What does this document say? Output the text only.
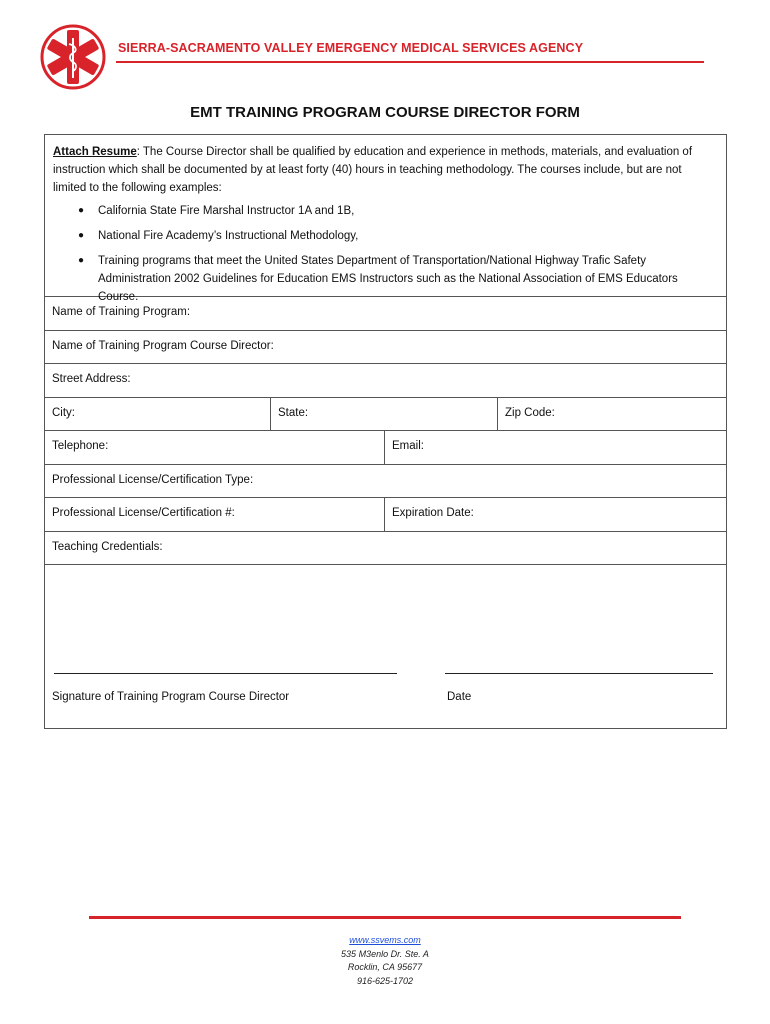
SIERRA-SACRAMENTO VALLEY EMERGENCY MEDICAL SERVICES AGENCY
EMT TRAINING PROGRAM COURSE DIRECTOR FORM
Attach Resume: The Course Director shall be qualified by education and experience in methods, materials, and evaluation of instruction which shall be documented by at least forty (40) hours in teaching methodology. The courses include, but are not limited to the following examples:
● California State Fire Marshal Instructor 1A and 1B,
● National Fire Academy’s Instructional Methodology,
● Training programs that meet the United States Department of Transportation/National Highway Trafic Safety Administration 2002 Guidelines for Education EMS Instructors such as the National Association of EMS Educators Course.
Name of Training Program:
Name of Training Program Course Director:
Street Address:
City:	State:	Zip Code:
Telephone:	Email:
Professional License/Certification Type:
Professional License/Certification #:	Expiration Date:
Teaching Credentials:
Signature of Training Program Course Director	Date
www.ssvems.com
535 M3enlo Dr. Ste. A
Rocklin, CA 95677
916-625-1702
